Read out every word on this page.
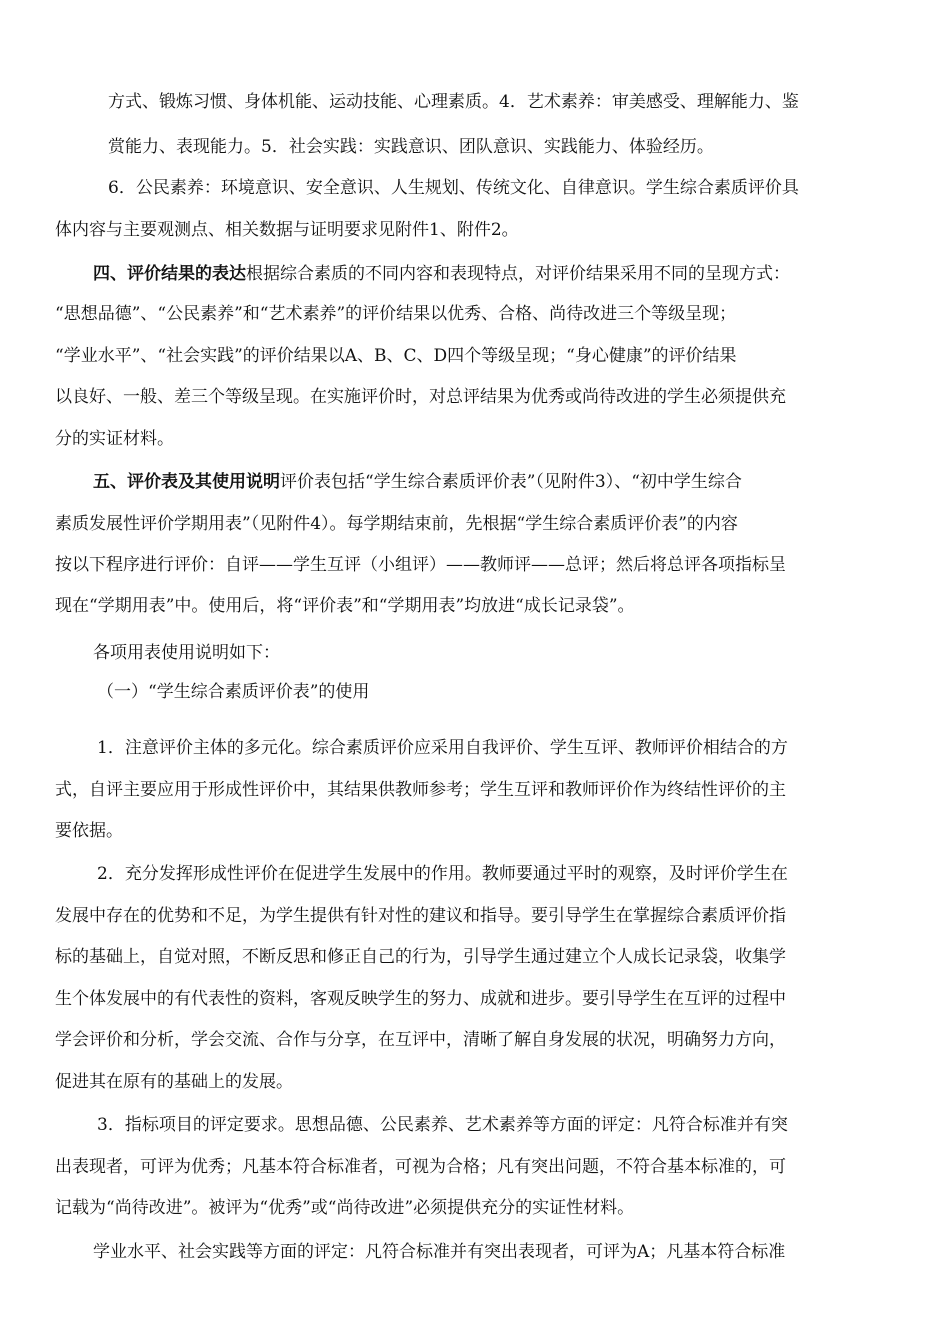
方式、锻炼习惯、身体机能、运动技能、心理素质。4．艺术素养：审美感受、理解能力、鉴
赏能力、表现能力。5．社会实践：实践意识、团队意识、实践能力、体验经历。
6．公民素养：环境意识、安全意识、人生规划、传统文化、自律意识。学生综合素质评价具
体内容与主要观测点、相关数据与证明要求见附件1、附件2。
四、评价结果的表达根据综合素质的不同内容和表现特点，对评价结果采用不同的呈现方式：
“思想品德”、“公民素养”和“艺术素养”的评价结果以优秀、合格、尚待改进三个等级呈现；
“学业水平”、“社会实践”的评价结果以A、B、C、D四个等级呈现；“身心健康”的评价结果
以良好、一般、差三个等级呈现。在实施评价时，对总评结果为优秀或尚待改进的学生必须提供充
分的实证材料。
五、评价表及其使用说明评价表包括“学生综合素质评价表”（见附件3）、“初中学生综合
素质发展性评价学期用表”（见附件4）。每学期结束前，先根据“学生综合素质评价表”的内容
按以下程序进行评价：自评——学生互评（小组评）——教师评——总评；然后将总评各项指标呈
现在“学期用表”中。使用后，将“评价表”和“学期用表”均放进“成长记录袋”。
各项用表使用说明如下：
（一）“学生综合素质评价表”的使用
1．注意评价主体的多元化。综合素质评价应采用自我评价、学生互评、教师评价相结合的方
式，自评主要应用于形成性评价中，其结果供教师参考；学生互评和教师评价作为终结性评价的主
要依据。
2．充分发挥形成性评价在促进学生发展中的作用。教师要通过平时的观察，及时评价学生在
发展中存在的优势和不足，为学生提供有针对性的建议和指导。要引导学生在掌握综合素质评价指
标的基础上，自觉对照，不断反思和修正自己的行为，引导学生通过建立个人成长记录袋，收集学
生个体发展中的有代表性的资料，客观反映学生的努力、成就和进步。要引导学生在互评的过程中
学会评价和分析，学会交流、合作与分享，在互评中，清晰了解自身发展的状况，明确努力方向，
促进其在原有的基础上的发展。
3．指标项目的评定要求。思想品德、公民素养、艺术素养等方面的评定：凡符合标准并有突
出表现者，可评为优秀；凡基本符合标准者，可视为合格；凡有突出问题，不符合基本标准的，可
记载为“尚待改进”。被评为“优秀”或“尚待改进”必须提供充分的实证性材料。
学业水平、社会实践等方面的评定：凡符合标准并有突出表现者，可评为A；凡基本符合标准
